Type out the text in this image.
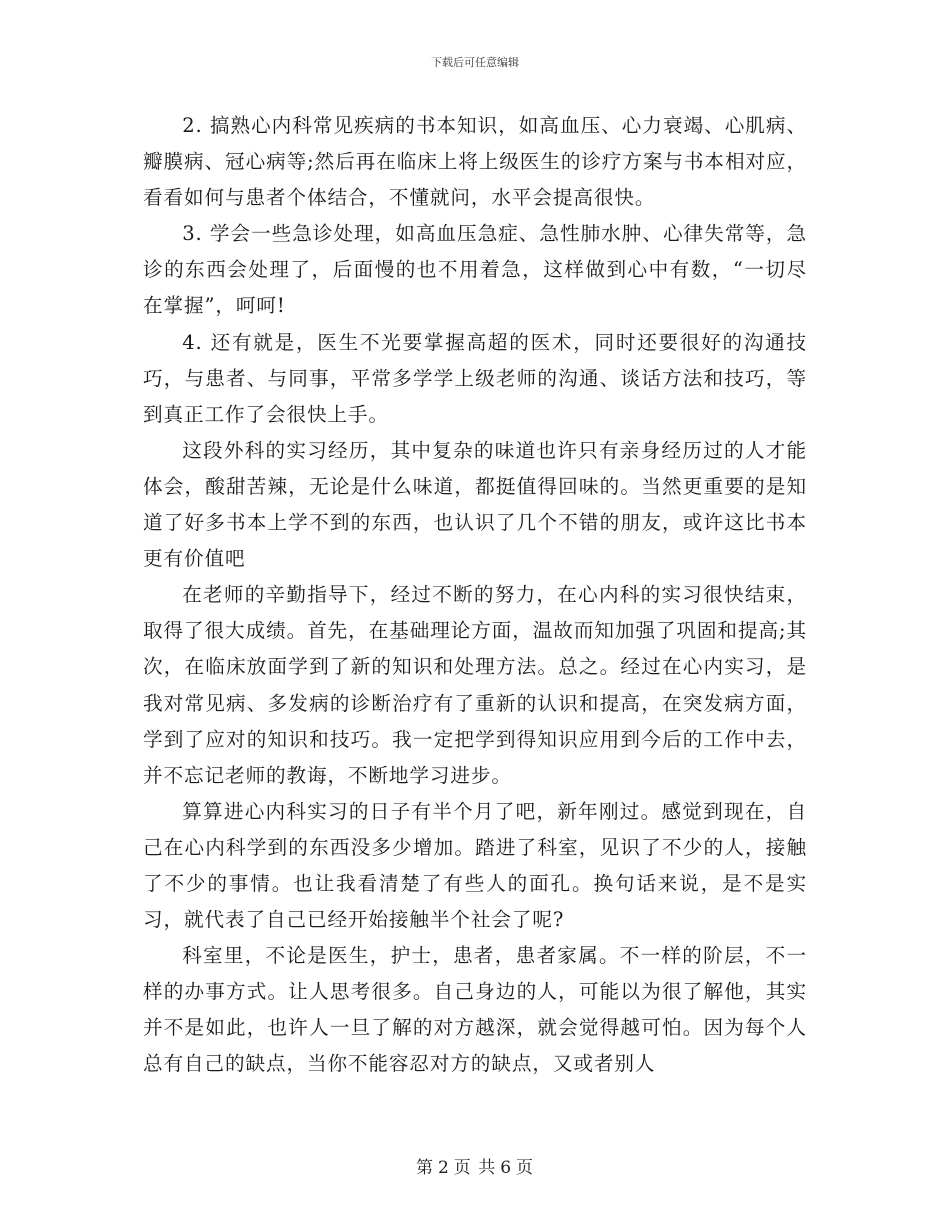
下载后可任意编辑

2. 搞熟心内科常见疾病的书本知识，如高血压、心力衰竭、心肌病、瓣膜病、冠心病等;然后再在临床上将上级医生的诊疗方案与书本相对应，看看如何与患者个体结合，不懂就问，水平会提高很快。

3. 学会一些急诊处理，如高血压急症、急性肺水肿、心律失常等，急诊的东西会处理了，后面慢的也不用着急，这样做到心中有数，“一切尽在掌握”，呵呵!

4. 还有就是，医生不光要掌握高超的医术，同时还要很好的沟通技巧，与患者、与同事，平常多学学上级老师的沟通、谈话方法和技巧，等到真正工作了会很快上手。

这段外科的实习经历，其中复杂的味道也许只有亲身经历过的人才能体会，酸甜苦辣，无论是什么味道，都挺值得回味的。当然更重要的是知道了好多书本上学不到的东西，也认识了几个不错的朋友，或许这比书本更有价值吧

在老师的辛勤指导下，经过不断的努力，在心内科的实习很快结束，取得了很大成绩。首先，在基础理论方面，温故而知加强了巩固和提高;其次，在临床放面学到了新的知识和处理方法。总之。经过在心内实习，是我对常见病、多发病的诊断治疗有了重新的认识和提高，在突发病方面，学到了应对的知识和技巧。我一定把学到得知识应用到今后的工作中去，并不忘记老师的教诲，不断地学习进步。

算算进心内科实习的日子有半个月了吧，新年刚过。感觉到现在，自己在心内科学到的东西没多少增加。踏进了科室，见识了不少的人，接触了不少的事情。也让我看清楚了有些人的面孔。换句话来说，是不是实习，就代表了自己已经开始接触半个社会了呢?

科室里，不论是医生，护士，患者，患者家属。不一样的阶层，不一样的办事方式。让人思考很多。自己身边的人，可能以为很了解他，其实并不是如此，也许人一旦了解的对方越深，就会觉得越可怕。因为每个人总有自己的缺点，当你不能容忍对方的缺点，又或者别人

第 2 页 共 6 页
